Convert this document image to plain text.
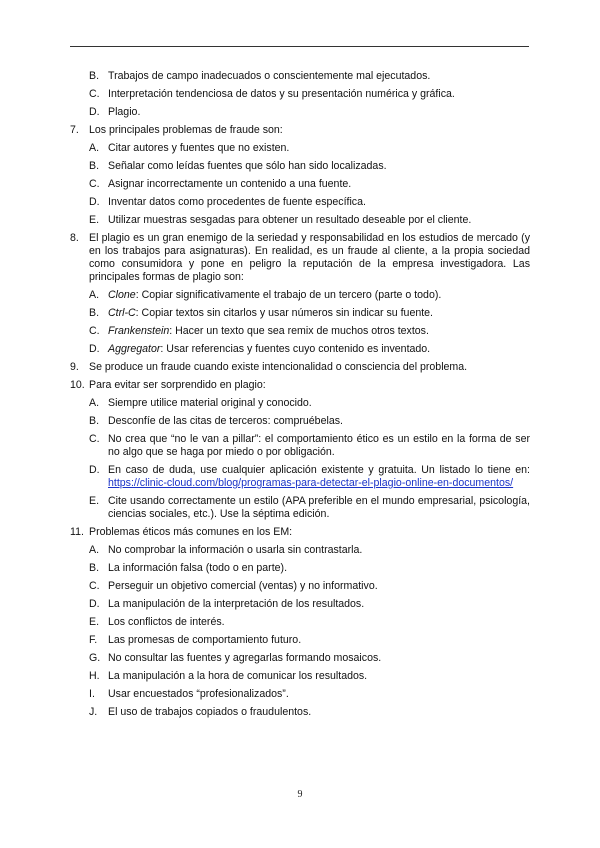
B. Trabajos de campo inadecuados o conscientemente mal ejecutados.
C. Interpretación tendenciosa de datos y su presentación numérica y gráfica.
D. Plagio.
7. Los principales problemas de fraude son:
A. Citar autores y fuentes que no existen.
B. Señalar como leídas fuentes que sólo han sido localizadas.
C. Asignar incorrectamente un contenido a una fuente.
D. Inventar datos como procedentes de fuente específica.
E. Utilizar muestras sesgadas para obtener un resultado deseable por el cliente.
8. El plagio es un gran enemigo de la seriedad y responsabilidad en los estudios de mercado (y en los trabajos para asignaturas). En realidad, es un fraude al cliente, a la propia sociedad como consumidora y pone en peligro la reputación de la empresa investigadora. Las principales formas de plagio son:
A. Clone: Copiar significativamente el trabajo de un tercero (parte o todo).
B. Ctrl-C: Copiar textos sin citarlos y usar números sin indicar su fuente.
C. Frankenstein: Hacer un texto que sea remix de muchos otros textos.
D. Aggregator: Usar referencias y fuentes cuyo contenido es inventado.
9. Se produce un fraude cuando existe intencionalidad o consciencia del problema.
10. Para evitar ser sorprendido en plagio:
A. Siempre utilice material original y conocido.
B. Desconfíe de las citas de terceros: compruébelas.
C. No crea que “no le van a pillar”: el comportamiento ético es un estilo en la forma de ser no algo que se haga por miedo o por obligación.
D. En caso de duda, use cualquier aplicación existente y gratuita. Un listado lo tiene en: https://clinic-cloud.com/blog/programas-para-detectar-el-plagio-online-en-documentos/
E. Cite usando correctamente un estilo (APA preferible en el mundo empresarial, psicología, ciencias sociales, etc.). Use la séptima edición.
11. Problemas éticos más comunes en los EM:
A. No comprobar la información o usarla sin contrastarla.
B. La información falsa (todo o en parte).
C. Perseguir un objetivo comercial (ventas) y no informativo.
D. La manipulación de la interpretación de los resultados.
E. Los conflictos de interés.
F. Las promesas de comportamiento futuro.
G. No consultar las fuentes y agregarlas formando mosaicos.
H. La manipulación a la hora de comunicar los resultados.
I. Usar encuestados “profesionalizados”.
J. El uso de trabajos copiados o fraudulentos.
9
